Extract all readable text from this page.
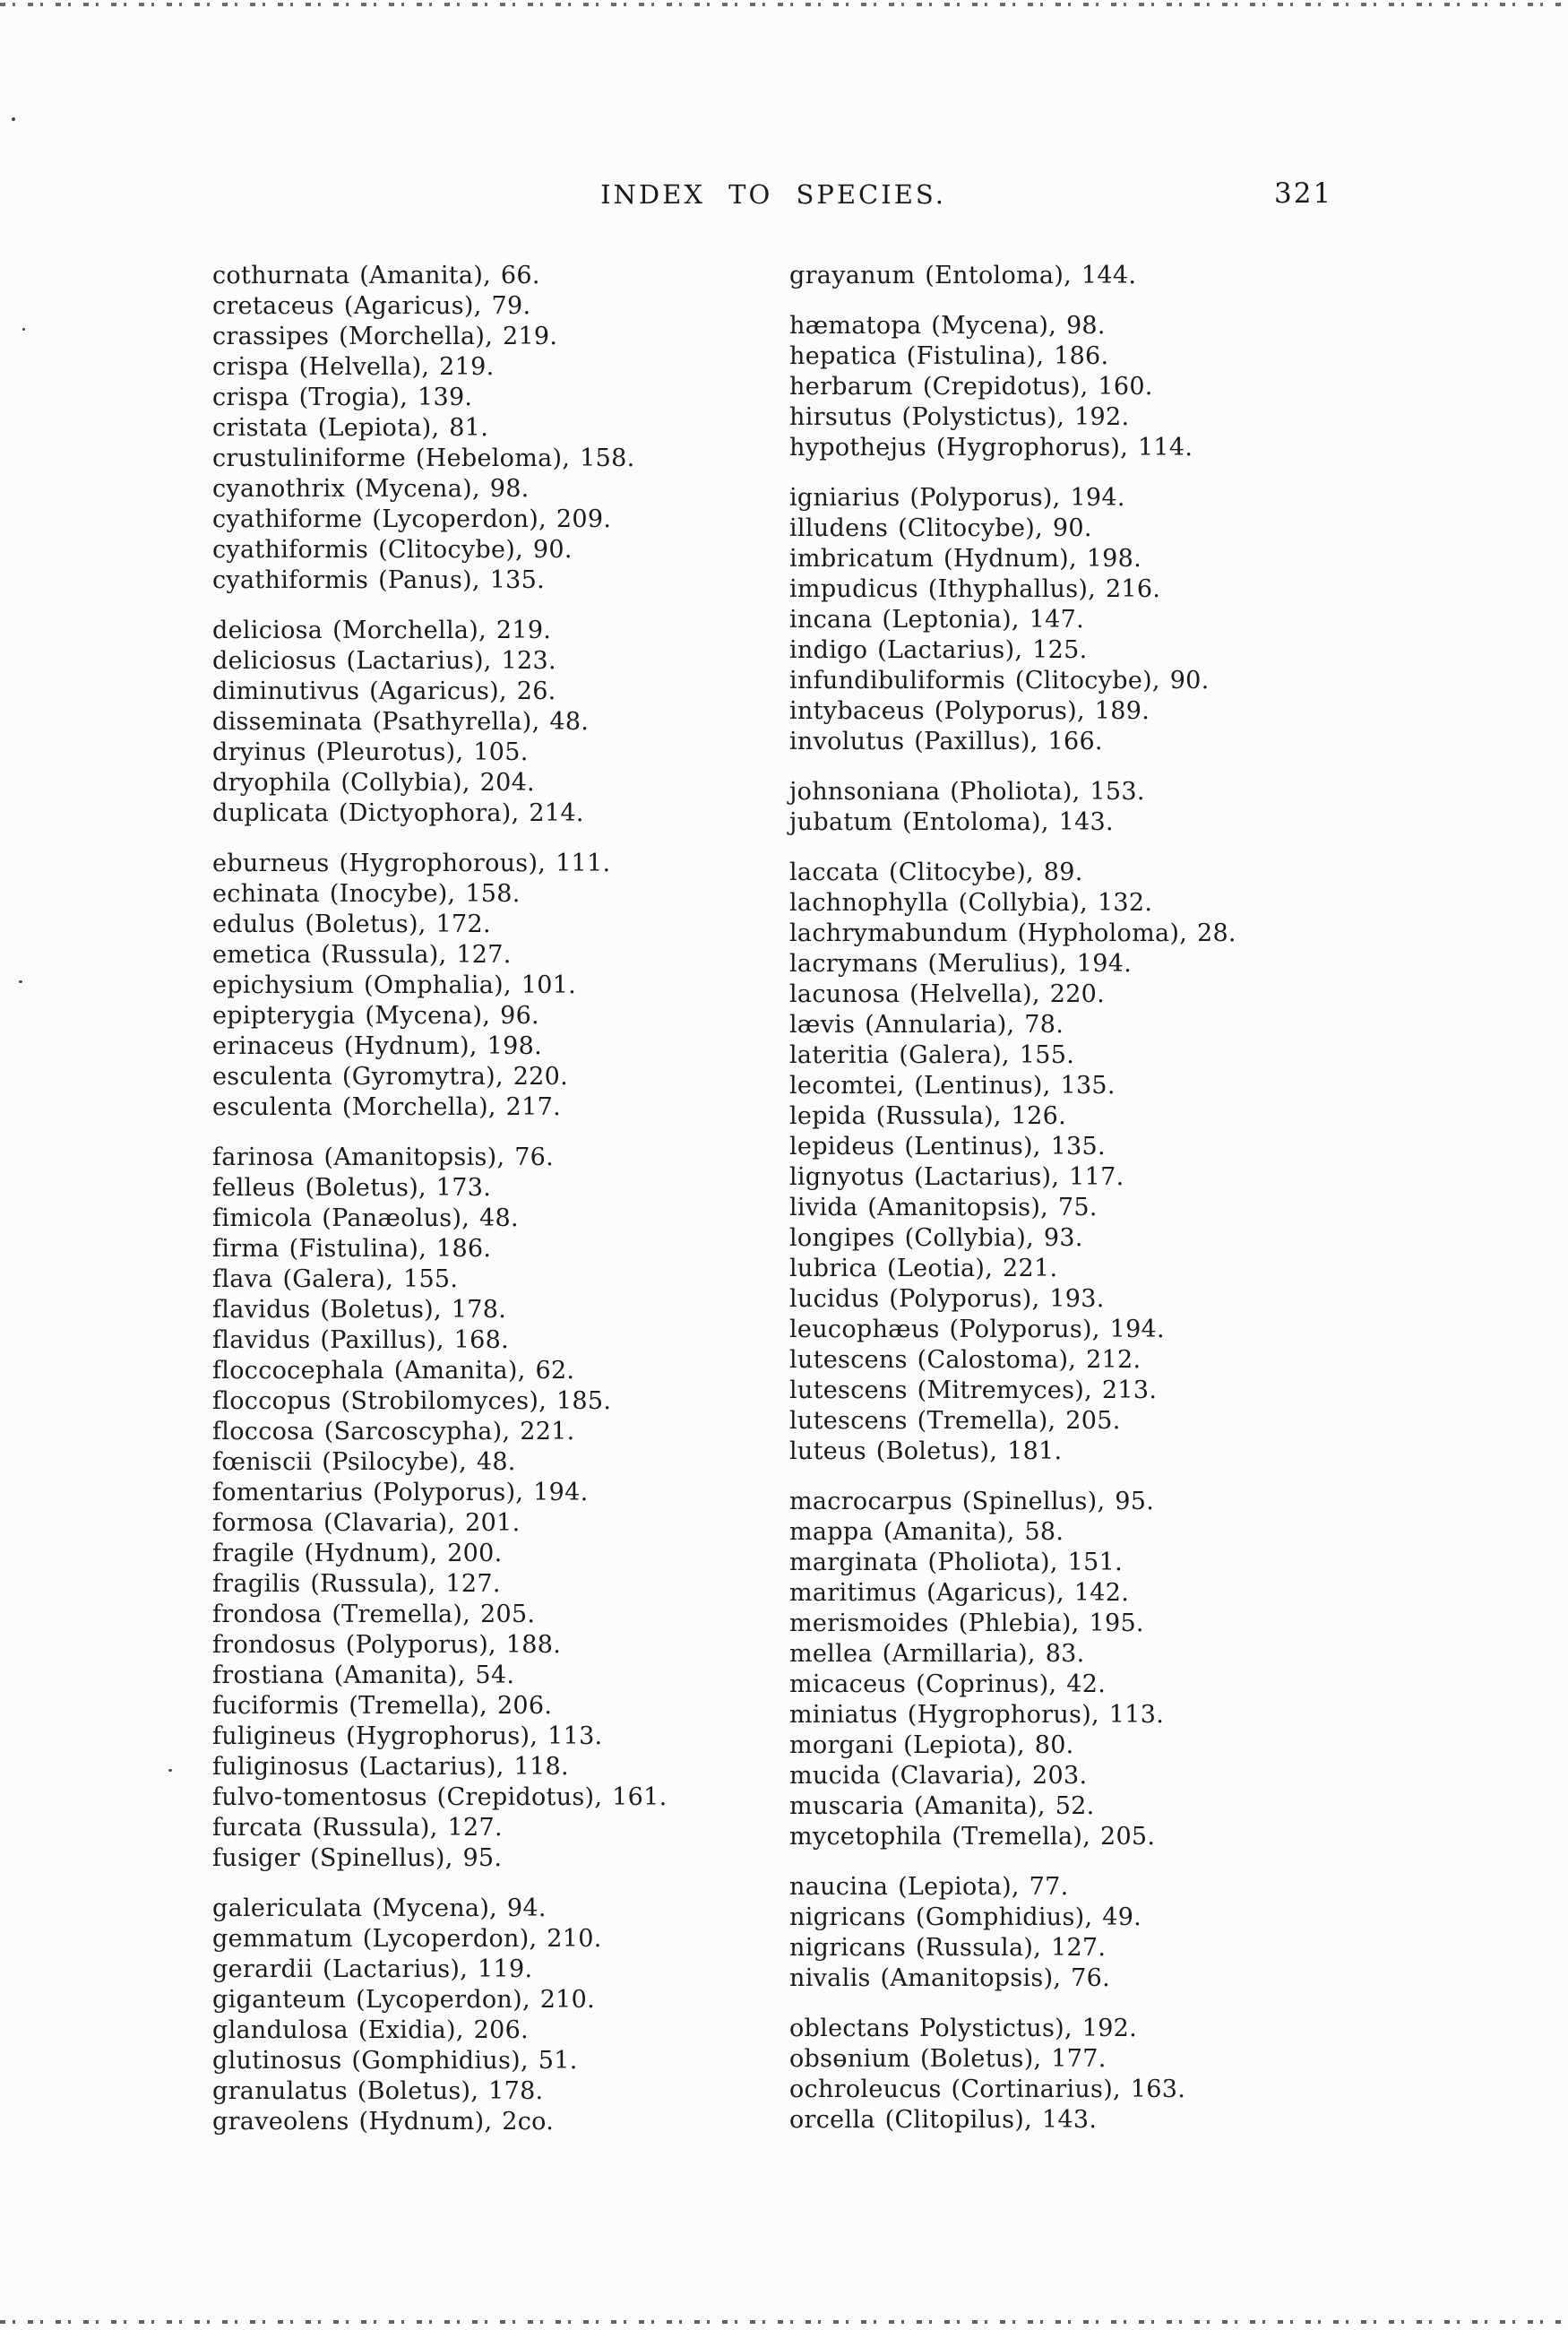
INDEX TO SPECIES.	321
cothurnata (Amanita), 66.
cretaceus (Agaricus), 79.
crassipes (Morchella), 219.
crispa (Helvella), 219.
crispa (Trogia), 139.
cristata (Lepiota), 81.
crustuliniforme (Hebeloma), 158.
cyanothrix (Mycena), 98.
cyathiforme (Lycoperdon), 209.
cyathiformis (Clitocybe), 90.
cyathiformis (Panus), 135.
deliciosa (Morchella), 219.
deliciosus (Lactarius), 123.
diminutivus (Agaricus), 26.
disseminata (Psathyrella), 48.
dryinus (Pleurotus), 105.
dryophila (Collybia), 204.
duplicata (Dictyophora), 214.
eburneus (Hygrophorous), 111.
echinata (Inocybe), 158.
edulus (Boletus), 172.
emetica (Russula), 127.
epichysium (Omphalia), 101.
epipterygia (Mycena), 96.
erinaceus (Hydnum), 198.
esculenta (Gyromytra), 220.
esculenta (Morchella), 217.
farinosa (Amanitopsis), 76.
felleus (Boletus), 173.
fimicola (Panæolus), 48.
firma (Fistulina), 186.
flava (Galera), 155.
flavidus (Boletus), 178.
flavidus (Paxillus), 168.
floccocephala (Amanita), 62.
floccopus (Strobilomyces), 185.
floccosa (Sarcoscypha), 221.
fœniscii (Psilocybe), 48.
fomentarius (Polyporus), 194.
formosa (Clavaria), 201.
fragile (Hydnum), 200.
fragilis (Russula), 127.
frondosa (Tremella), 205.
frondosus (Polyporus), 188.
frostiana (Amanita), 54.
fuciformis (Tremella), 206.
fuligineus (Hygrophorus), 113.
fuliginosus (Lactarius), 118.
fulvo-tomentosus (Crepidotus), 161.
furcata (Russula), 127.
fusiger (Spinellus), 95.
galericulata (Mycena), 94.
gemmatum (Lycoperdon), 210.
gerardii (Lactarius), 119.
giganteum (Lycoperdon), 210.
glandulosa (Exidia), 206.
glutinosus (Gomphidius), 51.
granulatus (Boletus), 178.
graveolens (Hydnum), 2co.
grayanum (Entoloma), 144.
hæmatopa (Mycena), 98.
hepatica (Fistulina), 186.
herbarum (Crepidotus), 160.
hirsutus (Polystictus), 192.
hypothejus (Hygrophorus), 114.
igniarius (Polyporus), 194.
illudens (Clitocybe), 90.
imbricatum (Hydnum), 198.
impudicus (Ithyphallus), 216.
incana (Leptonia), 147.
indigo (Lactarius), 125.
infundibuliformis (Clitocybe), 90.
intybaceus (Polyporus), 189.
involutus (Paxillus), 166.
johnsoniana (Pholiota), 153.
jubatum (Entoloma), 143.
laccata (Clitocybe), 89.
lachnophylla (Collybia), 132.
lachrymabundum (Hypholoma), 28.
lacrymans (Merulius), 194.
lacunosa (Helvella), 220.
lævis (Annularia), 78.
lateritia (Galera), 155.
lecomtei, (Lentinus), 135.
lepida (Russula), 126.
lepideus (Lentinus), 135.
lignyotus (Lactarius), 117.
livida (Amanitopsis), 75.
longipes (Collybia), 93.
lubrica (Leotia), 221.
lucidus (Polyporus), 193.
leucophæus (Polyporus), 194.
lutescens (Calostoma), 212.
lutescens (Mitremyces), 213.
lutescens (Tremella), 205.
luteus (Boletus), 181.
macrocarpus (Spinellus), 95.
mappa (Amanita), 58.
marginata (Pholiota), 151.
maritimus (Agaricus), 142.
merismoides (Phlebia), 195.
mellea (Armillaria), 83.
micaceus (Coprinus), 42.
miniatus (Hygrophorus), 113.
morgani (Lepiota), 80.
mucida (Clavaria), 203.
muscaria (Amanita), 52.
mycetophila (Tremella), 205.
naucina (Lepiota), 77.
nigricans (Gomphidius), 49.
nigricans (Russula), 127.
nivalis (Amanitopsis), 76.
oblectans Polystictus), 192.
obsɵnium (Boletus), 177.
ochroleucus (Cortinarius), 163.
orcella (Clitopilus), 143.
